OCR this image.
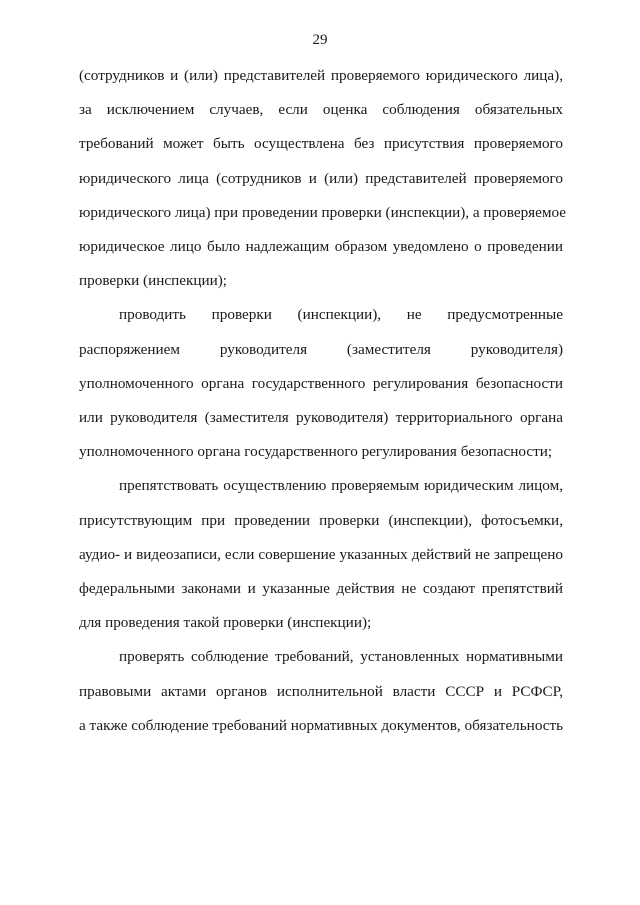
29

(сотрудников и (или) представителей проверяемого юридического лица),
за исключением случаев, если оценка соблюдения обязательных
требований может быть осуществлена без присутствия проверяемого
юридического лица (сотрудников и (или) представителей проверяемого
юридического лица) при проведении проверки (инспекции), а проверяемое
юридическое лицо было надлежащим образом уведомлено о проведении
проверки (инспекции);

проводить проверки (инспекции), не предусмотренные
распоряжением руководителя (заместителя руководителя)
уполномоченного органа государственного регулирования безопасности
или руководителя (заместителя руководителя) территориального органа
уполномоченного органа государственного регулирования безопасности;

препятствовать осуществлению проверяемым юридическим лицом,
присутствующим при проведении проверки (инспекции), фотосъемки,
аудио- и видеозаписи, если совершение указанных действий не запрещено
федеральными законами и указанные действия не создают препятствий
для проведения такой проверки (инспекции);

проверять соблюдение требований, установленных нормативными
правовыми актами органов исполнительной власти СССР и РСФСР,
а также соблюдение требований нормативных документов, обязательность
